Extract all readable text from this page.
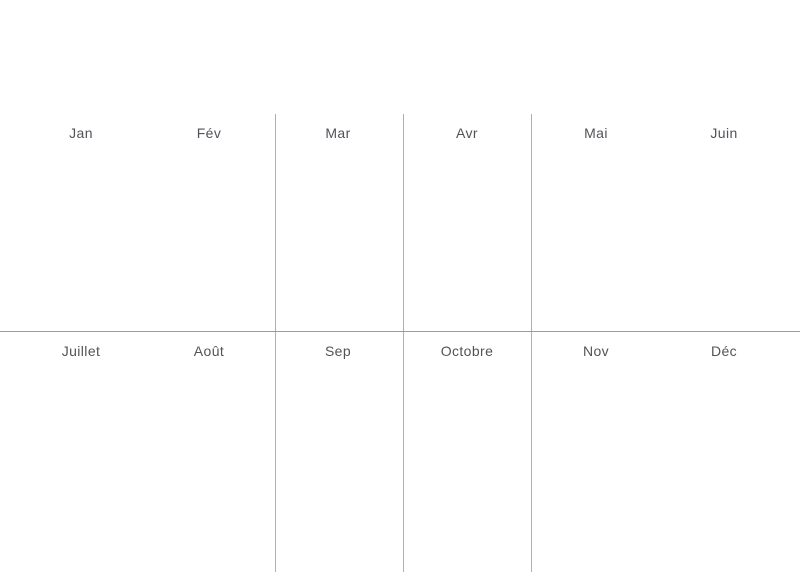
Jan	Fév	Mar	Avr	Mai	Juin
Juillet	Août	Sep	Octobre	Nov	Déc
